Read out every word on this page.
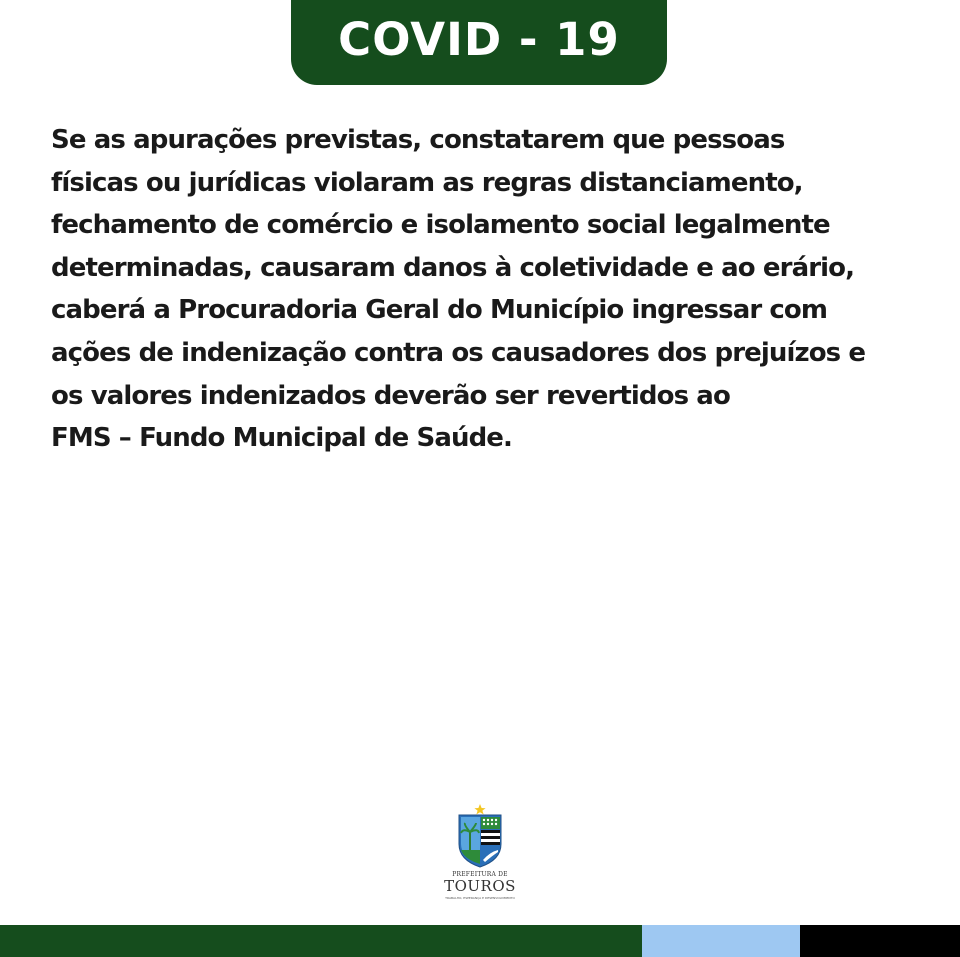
COVID - 19

Se as apurações previstas, constatarem que pessoas
físicas ou jurídicas violaram as regras distanciamento,
fechamento de comércio e isolamento social legalmente
determinadas, causaram danos à coletividade e ao erário,
caberá a Procuradoria Geral do Município ingressar com
ações de indenização contra os causadores dos prejuízos e
os valores indenizados deverão ser revertidos ao
FMS – Fundo Municipal de Saúde.

PREFEITURA DE
TOUROS
TRABALHO, ESPERANÇA E DESENVOLVIMENTO
